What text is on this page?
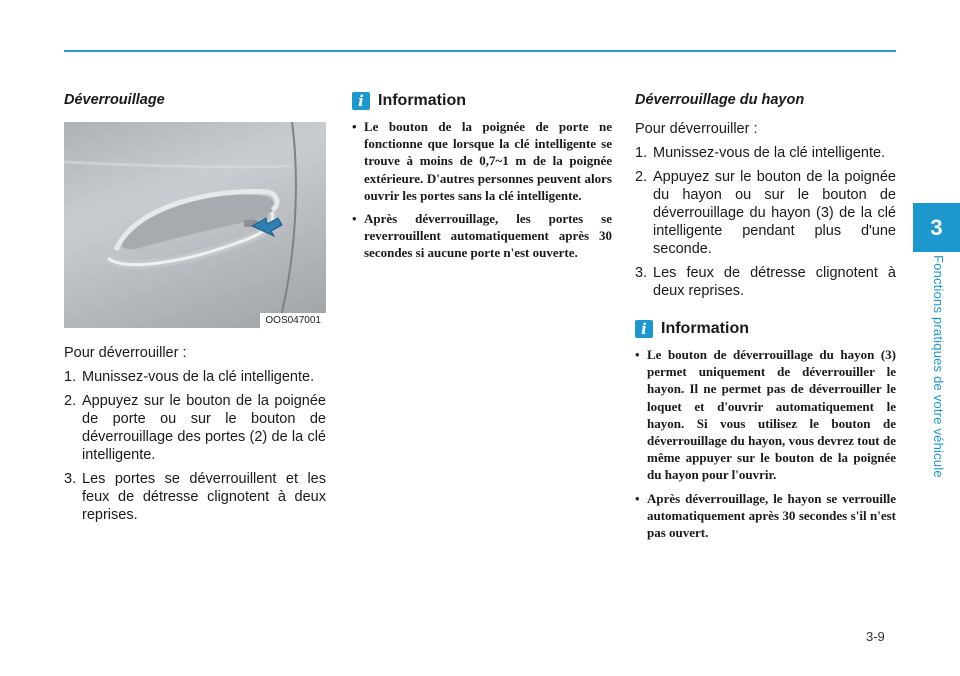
Déverrouillage
OOS047001

Pour déverrouiller :

1. Munissez-vous de la clé intelligente.
2. Appuyez sur le bouton de la poignée de porte ou sur le bouton de déverrouillage des portes (2) de la clé intelligente.
3. Les portes se déverrouillent et les feux de détresse clignotent à deux reprises.
i Information
• Le bouton de la poignée de porte ne fonctionne que lorsque la clé intelligente se trouve à moins de 0,7~1 m de la poignée extérieure. D'autres personnes peuvent alors ouvrir les portes sans la clé intelligente.
• Après déverrouillage, les portes se reverrouillent automatiquement après 30 secondes si aucune porte n'est ouverte.
Déverrouillage du hayon

Pour déverrouiller :

1. Munissez-vous de la clé intelligente.
2. Appuyez sur le bouton de la poignée du hayon ou sur le bouton de déverrouillage du hayon (3) de la clé intelligente pendant plus d'une seconde.
3. Les feux de détresse clignotent à deux reprises.
i Information
• Le bouton de déverrouillage du hayon (3) permet uniquement de déverrouiller le hayon. Il ne permet pas de déverrouiller le loquet et d'ouvrir automatiquement le hayon. Si vous utilisez le bouton de déverrouillage du hayon, vous devrez tout de même appuyer sur le bouton de la poignée du hayon pour l'ouvrir.
• Après déverrouillage, le hayon se verrouille automatiquement après 30 secondes s'il n'est pas ouvert.
3
Fonctions pratiques de votre véhicule
3-9
